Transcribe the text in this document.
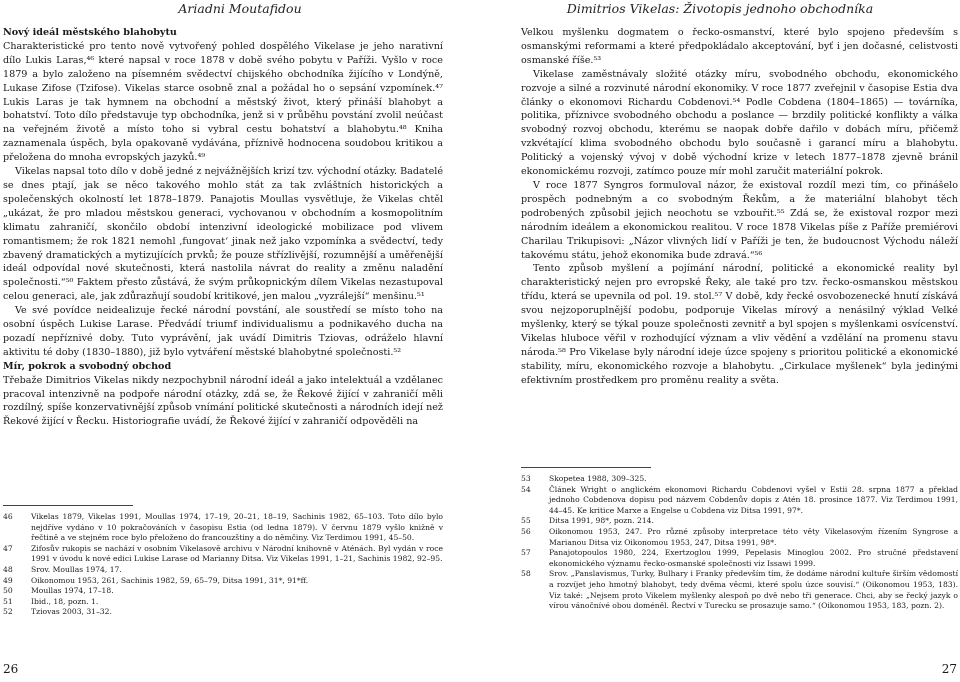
Ariadni Moutafidou

Nový ideál městského blahobytu

Charakteristické pro tento nově vytvořený pohled dospělého Vikelase je jeho narativní dílo Lukis Laras,⁴⁶ které napsal v roce 1878 v době svého pobytu v Paříži. Vyšlo v roce 1879 a bylo založeno na písemném svědectví chijského obchodníka žijícího v Londýně, Lukase Zifose (Tzifose). Vikelas starce osobně znal a požádal ho o sepsání vzpomínek.⁴⁷ Lukis Laras je tak hymnem na obchodní a městský život, který přináší blahobyt a bohatství. Toto dílo představuje typ obchodníka, jenž si v průběhu povstání zvolil neúčast na veřejném životě a místo toho si vybral cestu bohatství a blahobytu.⁴⁸ Kniha zaznamenala úspěch, byla opakovaně vydávána, příznivě hodnocena soudobou kritikou a přeložena do mnoha evropských jazyků.⁴⁹

Vikelas napsal toto dílo v době jedné z nejvážnějších krizí tzv. východní otázky. Badatelé se dnes ptají, jak se něco takového mohlo stát za tak zvláštních historických a společenských okolností let 1878–1879. Panajotis Moullas vysvětluje, že Vikelas chtěl „ukázat, že pro mladou městskou generaci, vychovanou v obchodním a kosmopolitním klimatu zahraničí, skončilo období intenzivní ideologické mobilizace pod vlivem romantismem; že rok 1821 nemohl ‚fungovat‘ jinak než jako vzpomínka a svědectví, tedy zbavený dramatických a mytizujících prvků; že pouze střízlivější, rozumnější a uměřenější ideál odpovídal nové skutečnosti, která nastolila návrat do reality a změnu naladění společnosti.“⁵⁰ Faktem přesto zůstává, že svým průkopnickým dílem Vikelas nezastupoval celou generaci, ale, jak zdůrazňují soudobí kritikové, jen malou „vyzrálejší“ menšinu.⁵¹

Ve své povídce neidealizuje řecké národní povstání, ale soustředí se místo toho na osobní úspěch Lukise Larase. Předvádí triumf individualismu a podnikavého ducha na pozadí nepříznivé doby. Tuto vyprávění, jak uvádí Dimitris Tziovas, odráželo hlavní aktivitu té doby (1830–1880), již bylo vytváření městské blahobytné společnosti.⁵²

Mír, pokrok a svobodný obchod

Třebaže Dimitrios Vikelas nikdy nezpochybnil národní ideál a jako intelektuál a vzdělanec pracoval intenzivně na podpoře národní otázky, zdá se, že Řekové žijící v zahraničí měli rozdílný, spíše konzervativnější způsob vnímání politické skutečnosti a národních idejí než Řekové žijící v Řecku. Historiografie uvádí, že Řekové žijící v zahraničí odpověděli na

46	Vikelas 1879, Vikelas 1991, Moullas 1974, 17–19, 20–21, 18–19, Sachinis 1982, 65–103. Toto dílo bylo nejdříve vydáno v 10 pokračováních v časopisu Estia (od ledna 1879). V červnu 1879 vyšlo knižně v řečtině a ve stejném roce bylo přeloženo do francouzštiny a do němčiny. Viz Terdimou 1991, 45–50.
47	Zifosův rukopis se nachází v osobním Vikelasově archivu v Národní knihovně v Aténách. Byl vydán v roce 1991 v úvodu k nové edici Lukise Larase od Marianny Ditsa. Viz Vikelas 1991, 1–21, Sachinis 1982, 92–95.
48	Srov. Moullas 1974, 17.
49	Oikonomou 1953, 261, Sachinis 1982, 59, 65–79, Ditsa 1991, 31*, 91*ff.
50	Moullas 1974, 17–18.
51	Ibid., 18, pozn. 1.
52	Tziovas 2003, 31–32.
26
Dimitrios Vikelas: Životopis jednoho obchodníka

Velkou myšlenku dogmatem o řecko-osmanství, které bylo spojeno především s osmanskými reformami a které předpokládalo akceptování, byť i jen dočasné, celistvosti osmanské říše.⁵³

Vikelase zaměstnávaly složité otázky míru, svobodného obchodu, ekonomického rozvoje a silné a rozvinuté národní ekonomiky. V roce 1877 zveřejnil v časopise Estia dva články o ekonomovi Richardu Cobdenovi.⁵⁴ Podle Cobdena (1804–1865) — továrníka, politika, příznivce svobodného obchodu a poslance — brzdily politické konflikty a válka svobodný rozvoj obchodu, kterému se naopak dobře dařilo v dobách míru, přičemž vzkvétající klima svobodného obchodu bylo současně i garancí míru a blahobytu. Politický a vojenský vývoj v době východní krize v letech 1877–1878 zjevně bránil ekonomickému rozvoji, zatímco pouze mír mohl zaručit materiální pokrok.

V roce 1877 Syngros formuloval názor, že existoval rozdíl mezi tím, co přinášelo prospěch podnebným a co svobodným Řekům, a že materiální blahobyt těch podrobených způsobil jejich neochotu se vzbouřit.⁵⁵ Zdá se, že existoval rozpor mezi národním ideálem a ekonomickou realitou. V roce 1878 Vikelas píše z Paříže premiérovi Charilau Trikupisovi: „Názor vlivných lidí v Paříži je ten, že budoucnost Východu náleží takovému státu, jehož ekonomika bude zdravá.“⁵⁶

Tento způsob myšlení a pojímání národní, politické a ekonomické reality byl charakteristický nejen pro evropské Řeky, ale také pro tzv. řecko-osmanskou městskou třídu, která se upevnila od pol. 19. stol.⁵⁷ V době, kdy řecké osvobozenecké hnutí získává svou nejzoporuplnější podobu, podporuje Vikelas mírový a nenásilný výklad Velké myšlenky, který se týkal pouze společnosti zevnitř a byl spojen s myšlenkami osvícenství. Vikelas hluboce věřil v rozhodující význam a vliv vědění a vzdělání na promenu stavu národa.⁵⁸ Pro Vikelase byly národní ideje úzce spojeny s prioritou politické a ekonomické stability, míru, ekonomického rozvoje a blahobytu. „Cirkulace myšlenek“ byla jedinými efektivním prostředkem pro proměnu reality a světa.

53	Skopetea 1988, 309–325.
54	Článek Wright o anglickém ekonomovi Richardu Cobdenovi vyšel v Estii 28. srpna 1877 a překlad jednoho Cobdenova dopisu pod názvem Cobdenův dopis z Atén 18. prosince 1877. Viz Terdimou 1991, 44–45. Ke kritice Marxe a Engelse u Cobdena viz Ditsa 1991, 97*.
55	Ditsa 1991, 98*, pozn. 214.
56	Oikonomou 1953, 247. Pro různé způsoby interpretace této věty Vikelasovým řízením Syngrose a Marianou Ditsa viz Oikonomou 1953, 247, Ditsa 1991, 98*.
57	Panajotopoulos 1980, 224, Exertzoglou 1999, Pepelasis Minoglou 2002. Pro stručné představení ekonomického významu řecko-osmanské společnosti viz Issawi 1999.
58	Srov. „Panslavismus, Turky, Bulhary i Franky především tím, že dodáme národní kultuře širším vědomostí a rozvíjet jeho hmotný blahobyt, tedy dvěma věcmi, které spolu úzce souvisí.“ (Oikonomou 1953, 183). Viz také: „Nejsem proto Vikelem myšlenky alespoň po dvě nebo tři generace. Chci, aby se řecký jazyk o vírou vánočnívé obou doméněl. Řectví v Turecku se prosazuje samo.“ (Oikonomou 1953, 183, pozn. 2).
27
